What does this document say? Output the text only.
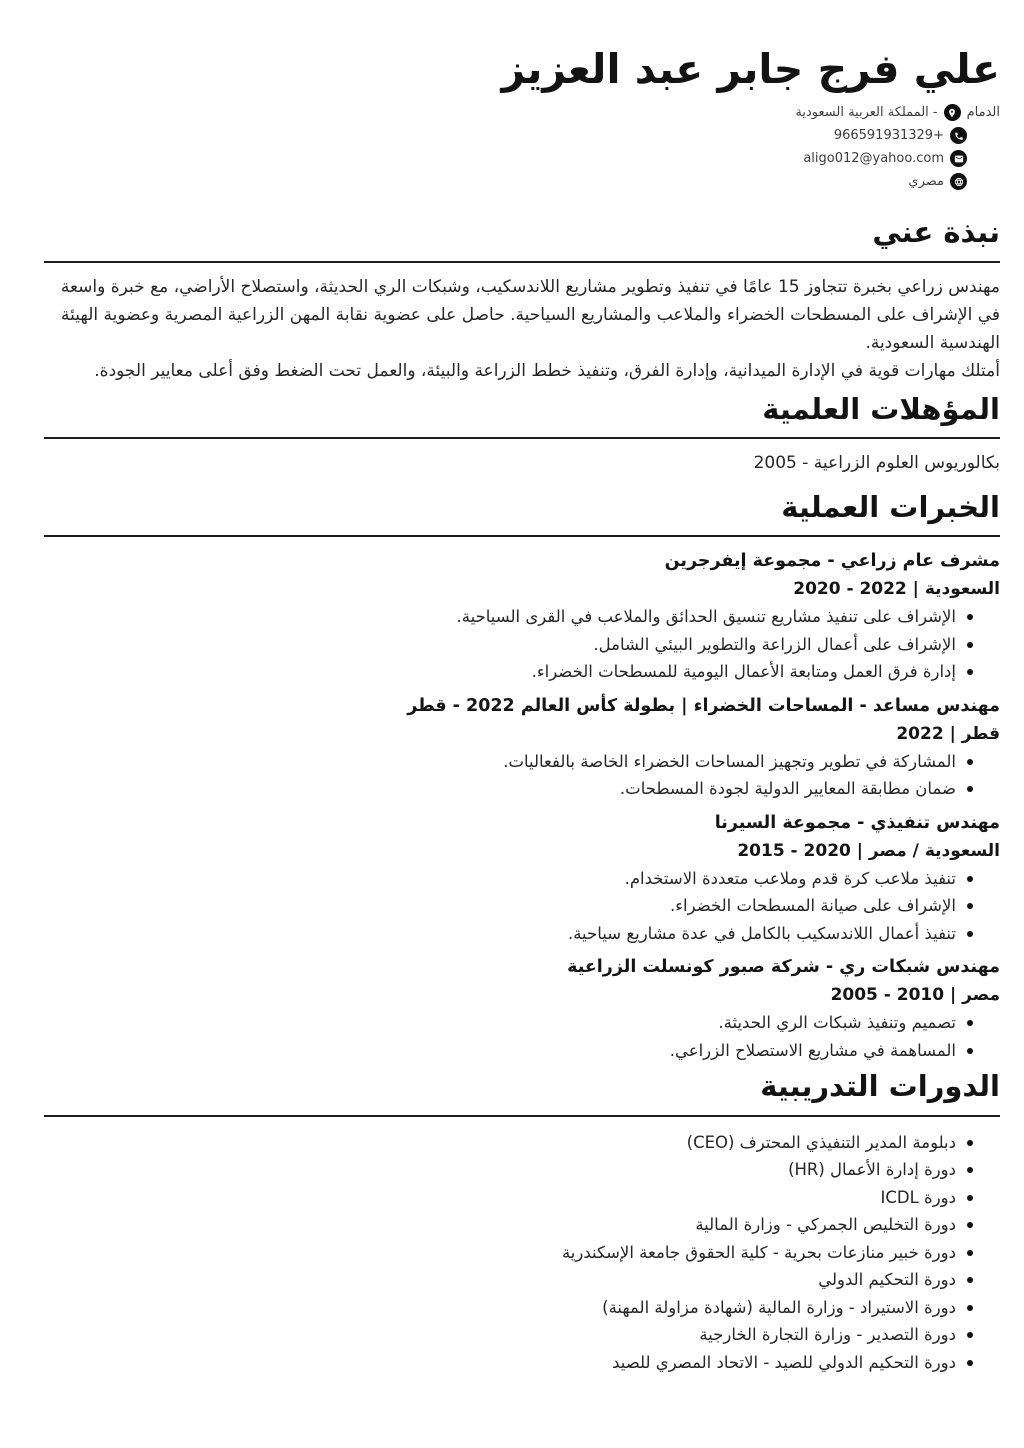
علي فرج جابر عبد العزيز
الدمام
- المملكة العربية السعودية
+966591931329
aligo012@yahoo.com
مصري
نبذة عني

مهندس زراعي بخبرة تتجاوز 15 عامًا في تنفيذ وتطوير مشاريع اللاندسكيب، وشبكات الري الحديثة، واستصلاح الأراضي، مع خبرة واسعة في الإشراف على المسطحات الخضراء والملاعب والمشاريع السياحية. حاصل على عضوية نقابة المهن الزراعية المصرية وعضوية الهيئة الهندسية السعودية.

أمتلك مهارات قوية في الإدارة الميدانية، وإدارة الفرق، وتنفيذ خطط الزراعة والبيئة، والعمل تحت الضغط وفق أعلى معايير الجودة.

المؤهلات العلمية

بكالوريوس العلوم الزراعية - 2005

الخبرات العملية
مشرف عام زراعي - مجموعة إيفرجرين
2020 - 2022 | السعودية
الإشراف على تنفيذ مشاريع تنسيق الحدائق والملاعب في القرى السياحية.
الإشراف على أعمال الزراعة والتطوير البيئي الشامل.
إدارة فرق العمل ومتابعة الأعمال اليومية للمسطحات الخضراء.
مهندس مساعد - المساحات الخضراء | بطولة كأس العالم 2022 - قطر
2022 | قطر
المشاركة في تطوير وتجهيز المساحات الخضراء الخاصة بالفعاليات.
ضمان مطابقة المعايير الدولية لجودة المسطحات.
مهندس تنفيذي - مجموعة السيرنا
2015 - 2020 | مصر ‎/ السعودية
تنفيذ ملاعب كرة قدم وملاعب متعددة الاستخدام.
الإشراف على صيانة المسطحات الخضراء.
تنفيذ أعمال اللاندسكيب بالكامل في عدة مشاريع سياحية.
مهندس شبكات ري - شركة صبور كونسلت الزراعية
2005 - 2010 | مصر
تصميم وتنفيذ شبكات الري الحديثة.
المساهمة في مشاريع الاستصلاح الزراعي.
الدورات التدريبية
دبلومة المدير التنفيذي المحترف (CEO)
دورة إدارة الأعمال (HR)
دورة ICDL
دورة التخليص الجمركي - وزارة المالية
دورة خبير منازعات بحرية - كلية الحقوق جامعة الإسكندرية
دورة التحكيم الدولي
دورة الاستيراد - وزارة المالية (شهادة مزاولة المهنة)
دورة التصدير - وزارة التجارة الخارجية
دورة التحكيم الدولي للصيد - الاتحاد المصري للصيد
